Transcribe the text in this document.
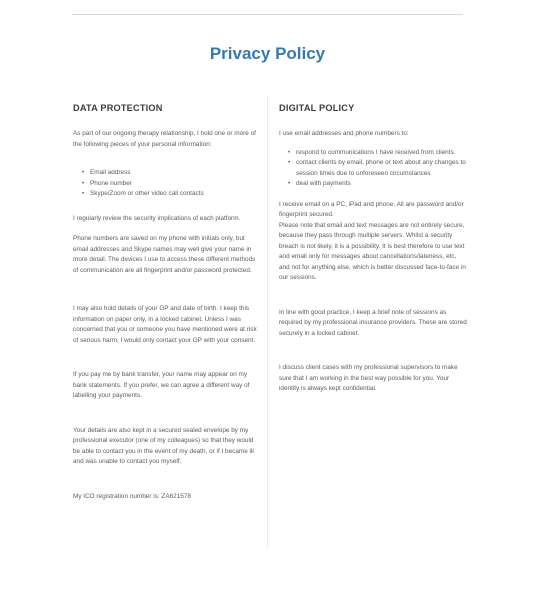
Privacy Policy
DATA PROTECTION

As part of our ongoing therapy relationship, I hold one or more of the following pieces of your personal information:

• Email address
• Phone number
• Skype/Zoom or other video call contacts

I regularly review the security implications of each platform.

Phone numbers are saved on my phone with initials only, but email addresses and Skype names may well give your name in more detail. The devices I use to access these different methods of communication are all fingerprint and/or password protected.

I may also hold details of your GP and date of birth. I keep this information on paper only, in a locked cabinet. Unless I was concerned that you or someone you have mentioned were at risk of serious harm, I would only contact your GP with your consent.

If you pay me by bank transfer, your name may appear on my bank statements. If you prefer, we can agree a different way of labelling your payments.

Your details are also kept in a secured sealed envelope by my professional executor (one of my colleagues) so that they would be able to contact you in the event of my death, or if I became ill and was unable to contact you myself.

My ICO registration number is: ZA621578

DIGITAL POLICY

I use email addresses and phone numbers to:

• respond to communications I have received from clients.
• contact clients by email, phone or text about any changes to session times due to unforeseen circumstances
• deal with payments

I receive email on a PC, iPad and phone. All are password and/or fingerprint secured.

Please note that email and text messages are not entirely secure, because they pass through multiple servers. Whilst a security breach is not likely, it is a possibility. It is best therefore to use text and email only for messages about cancellations/lateness, etc, and not for anything else, which is better discussed face-to-face in our sessions.

In line with good practice, I keep a brief note of sessions as required by my professional insurance providers. These are stored securely in a locked cabinet.

I discuss client cases with my professional supervisors to make sure that I am working in the best way possible for you. Your identity is always kept confidential.
